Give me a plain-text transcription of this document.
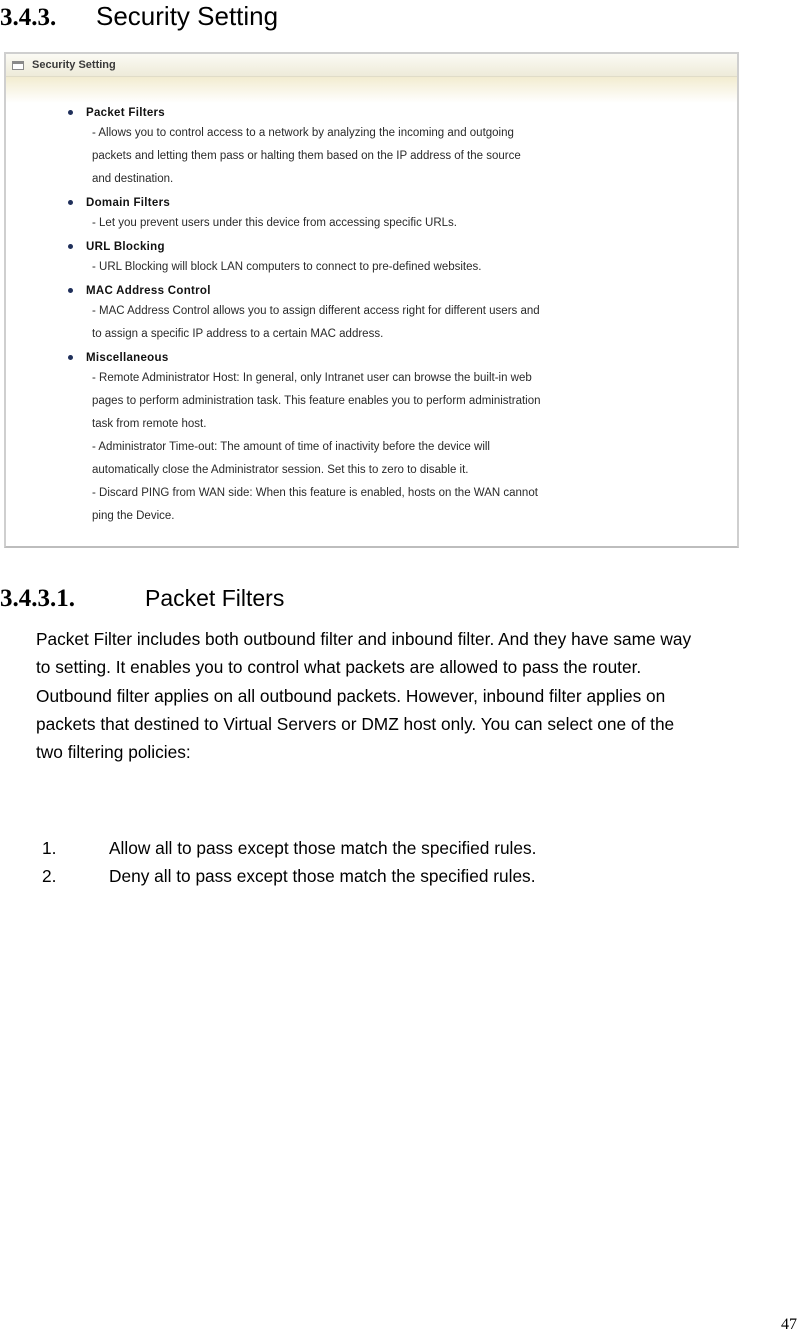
3.4.3.	Security Setting
Security Setting
Packet Filters
- Allows you to control access to a network by analyzing the incoming and outgoing
packets and letting them pass or halting them based on the IP address of the source
and destination.
Domain Filters
- Let you prevent users under this device from accessing specific URLs.
URL Blocking
- URL Blocking will block LAN computers to connect to pre-defined websites.
MAC Address Control
- MAC Address Control allows you to assign different access right for different users and
to assign a specific IP address to a certain MAC address.
Miscellaneous
- Remote Administrator Host: In general, only Intranet user can browse the built-in web
pages to perform administration task. This feature enables you to perform administration
task from remote host.
- Administrator Time-out: The amount of time of inactivity before the device will
automatically close the Administrator session. Set this to zero to disable it.
- Discard PING from WAN side: When this feature is enabled, hosts on the WAN cannot
ping the Device.
3.4.3.1.	Packet Filters
Packet Filter includes both outbound filter and inbound filter. And they have same way
to setting. It enables you to control what packets are allowed to pass the router.
Outbound filter applies on all outbound packets. However, inbound filter applies on
packets that destined to Virtual Servers or DMZ host only. You can select one of the
two filtering policies:
1.	Allow all to pass except those match the specified rules.
2.	Deny all to pass except those match the specified rules.
47
